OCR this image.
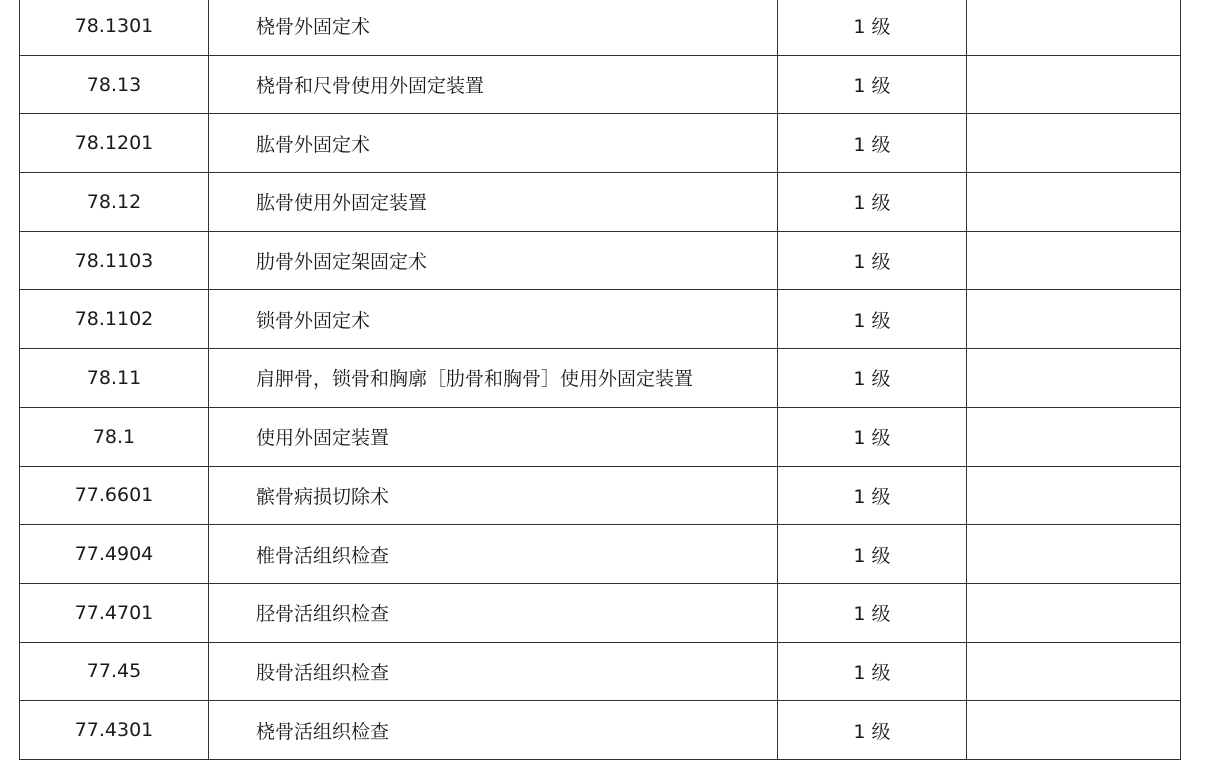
78.1301	桡骨外固定术	1 级	
78.13	桡骨和尺骨使用外固定装置	1 级	
78.1201	肱骨外固定术	1 级	
78.12	肱骨使用外固定装置	1 级	
78.1103	肋骨外固定架固定术	1 级	
78.1102	锁骨外固定术	1 级	
78.11	肩胛骨，锁骨和胸廓［肋骨和胸骨］使用外固定装置	1 级	
78.1	使用外固定装置	1 级	
77.6601	髌骨病损切除术	1 级	
77.4904	椎骨活组织检查	1 级	
77.4701	胫骨活组织检查	1 级	
77.45	股骨活组织检查	1 级	
77.4301	桡骨活组织检查	1 级	
